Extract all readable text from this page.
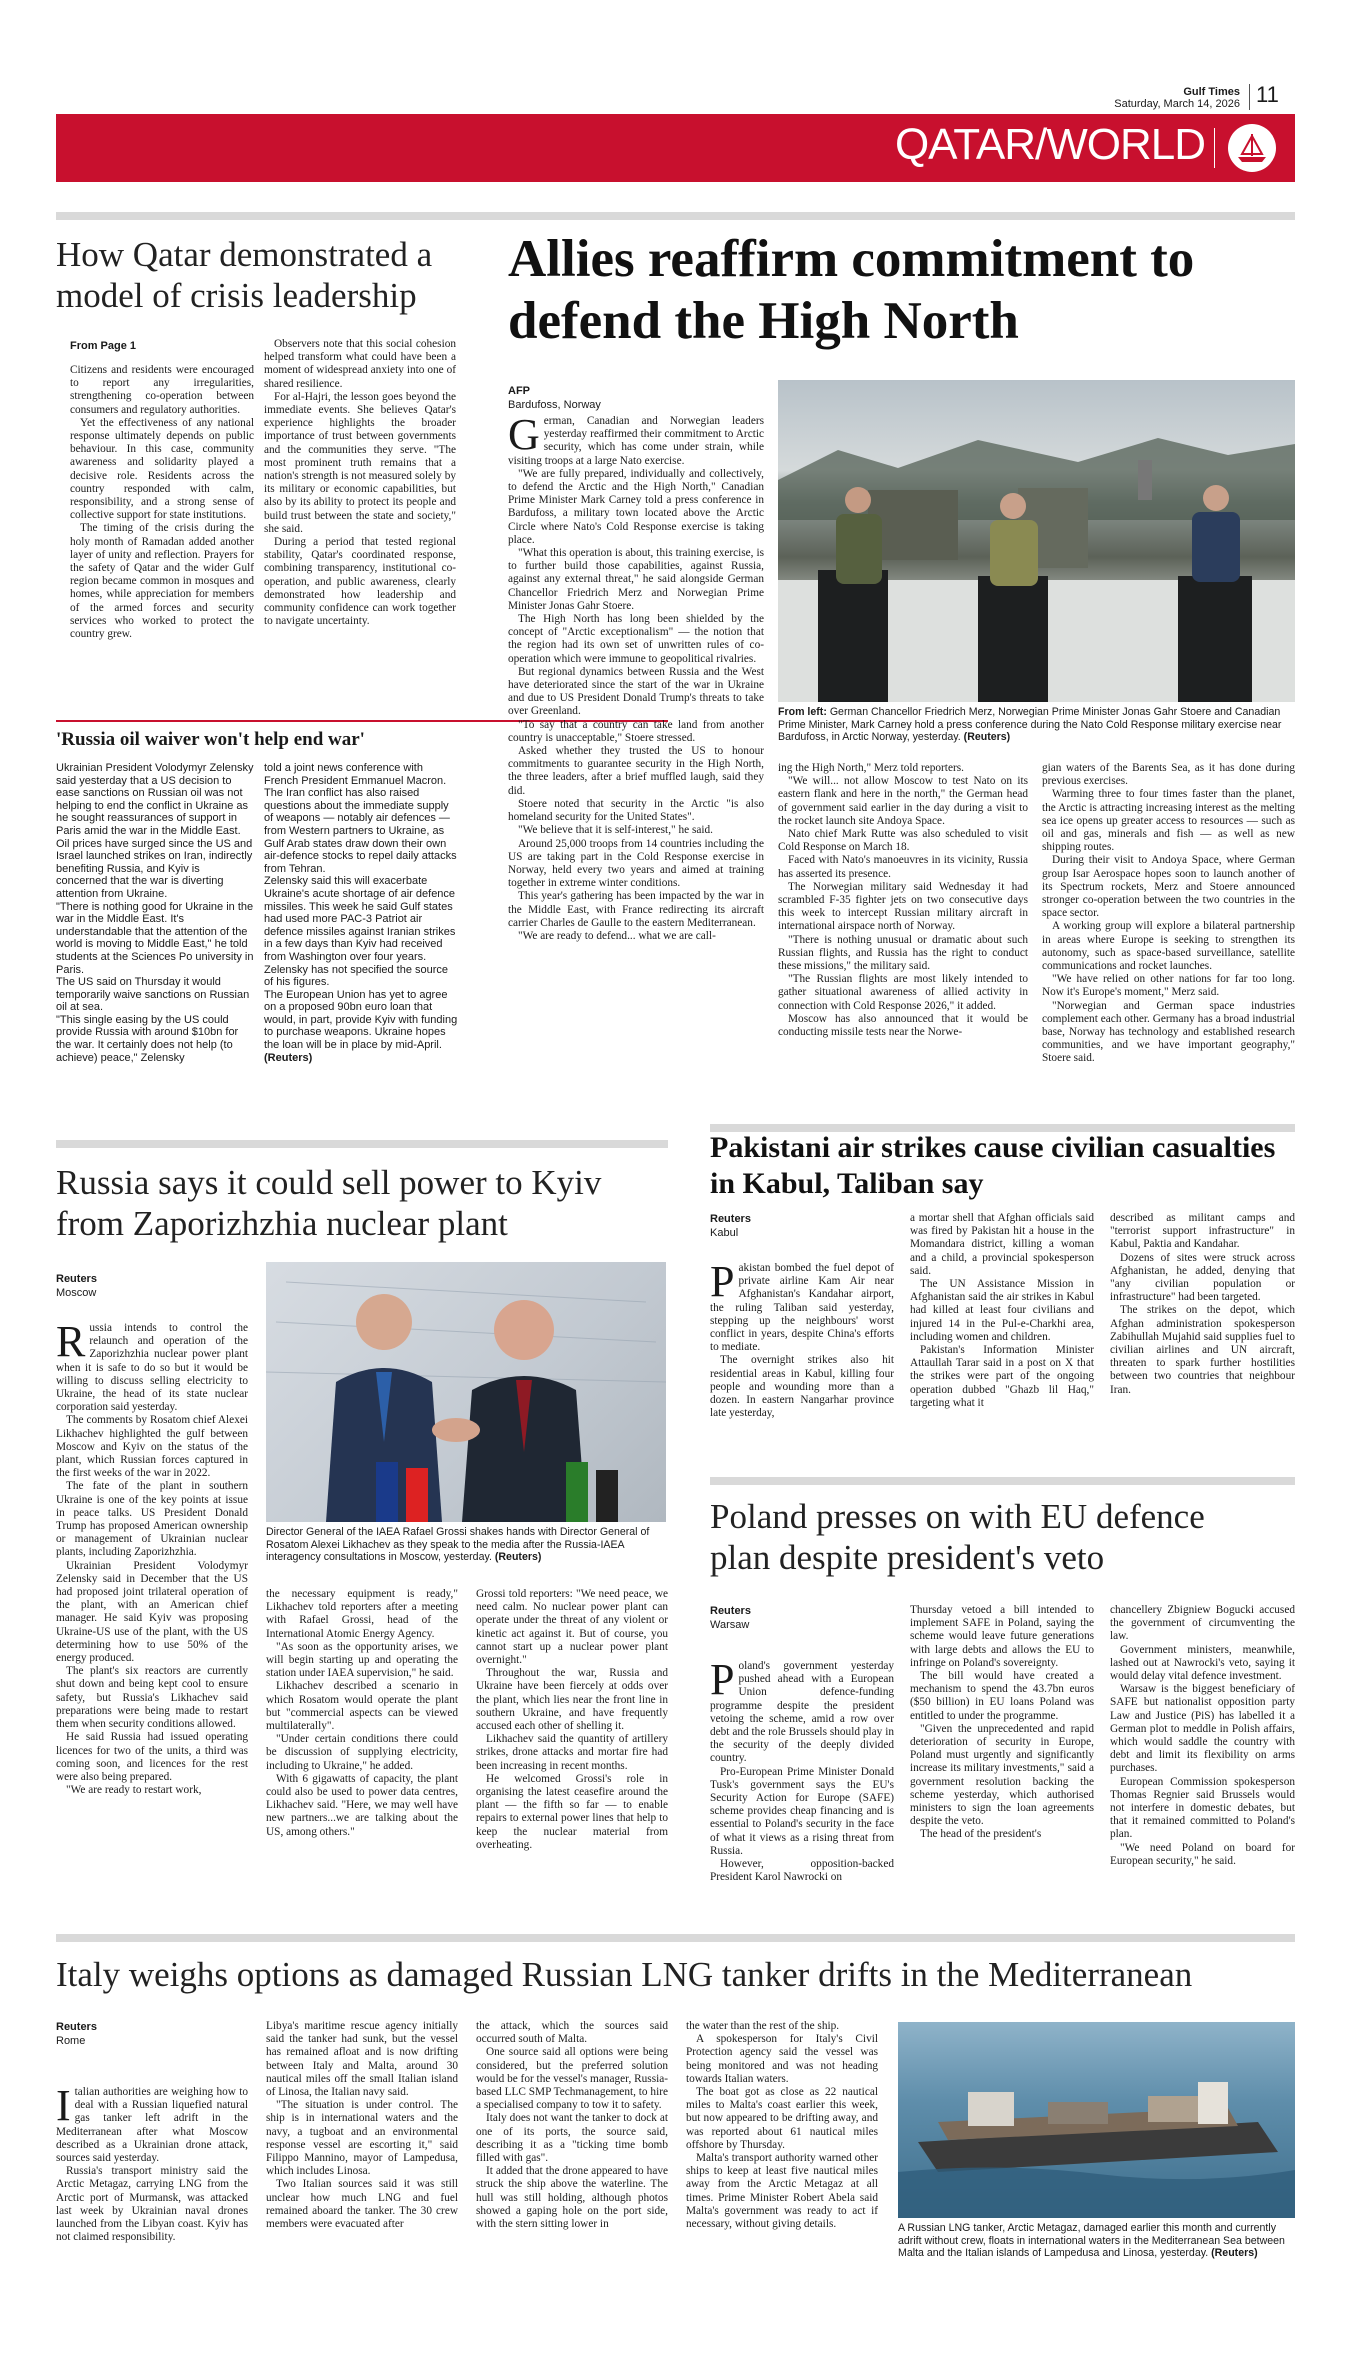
Gulf Times
Saturday, March 14, 2026 11
QATAR/WORLD
How Qatar demonstrated a model of crisis leadership
From Page 1

Citizens and residents were encouraged to report any irregularities, strengthening co-operation between consumers and regulatory authorities.

Yet the effectiveness of any national response ultimately depends on public behaviour. In this case, community awareness and solidarity played a decisive role. Residents across the country responded with calm, responsibility, and a strong sense of collective support for state institutions.

The timing of the crisis during the holy month of Ramadan added another layer of unity and reflection. Prayers for the safety of Qatar and the wider Gulf region became common in mosques and homes, while appreciation for members of the armed forces and security services who worked to protect the country grew.

Observers note that this social cohesion helped transform what could have been a moment of widespread anxiety into one of shared resilience.

For al-Hajri, the lesson goes beyond the immediate events. She believes Qatar's experience highlights the broader importance of trust between governments and the communities they serve. "The most prominent truth remains that a nation's strength is not measured solely by its military or economic capabilities, but also by its ability to protect its people and build trust between the state and society," she said.

During a period that tested regional stability, Qatar's coordinated response, combining transparency, institutional co-operation, and public awareness, clearly demonstrated how leadership and community confidence can work together to navigate uncertainty.

'Russia oil waiver won't help end war'
Ukrainian President Volodymyr Zelensky said yesterday that a US decision to ease sanctions on Russian oil was not helping to end the conflict in Ukraine as he sought reassurances of support in Paris amid the war in the Middle East.
Oil prices have surged since the US and Israel launched strikes on Iran, indirectly benefiting Russia, and Kyiv is concerned that the war is diverting attention from Ukraine.
"There is nothing good for Ukraine in the war in the Middle East. It's understandable that the attention of the world is moving to Middle East," he told students at the Sciences Po university in Paris.
The US said on Thursday it would temporarily waive sanctions on Russian oil at sea.
"This single easing by the US could provide Russia with around $10bn for the war. It certainly does not help (to achieve) peace," Zelensky
told a joint news conference with French President Emmanuel Macron. The Iran conflict has also raised questions about the immediate supply of weapons — notably air defences — from Western partners to Ukraine, as Gulf Arab states draw down their own air-defence stocks to repel daily attacks from Tehran.
Zelensky said this will exacerbate Ukraine's acute shortage of air defence missiles. This week he said Gulf states had used more PAC-3 Patriot air defence missiles against Iranian strikes in a few days than Kyiv had received from Washington over four years. Zelensky has not specified the source of his figures.
The European Union has yet to agree on a proposed 90bn euro loan that would, in part, provide Kyiv with funding to purchase weapons. Ukraine hopes the loan will be in place by mid-April. (Reuters)
Allies reaffirm commitment to defend the High North
AFP
Bardufoss, Norway
From left: German Chancellor Friedrich Merz, Norwegian Prime Minister Jonas Gahr Stoere and Canadian Prime Minister, Mark Carney hold a press conference during the Nato Cold Response military exercise near Bardufoss, in Arctic Norway, yesterday. (Reuters)

German, Canadian and Norwegian leaders yesterday reaffirmed their commitment to Arctic security, which has come under strain, while visiting troops at a large Nato exercise.

"We are fully prepared, individually and collectively, to defend the Arctic and the High North," Canadian Prime Minister Mark Carney told a press conference in Bardufoss, a military town located above the Arctic Circle where Nato's Cold Response exercise is taking place.

"What this operation is about, this training exercise, is to further build those capabilities, against Russia, against any external threat," he said alongside German Chancellor Friedrich Merz and Norwegian Prime Minister Jonas Gahr Stoere.

The High North has long been shielded by the concept of "Arctic exceptionalism" — the notion that the region had its own set of unwritten rules of co-operation which were immune to geopolitical rivalries.

But regional dynamics between Russia and the West have deteriorated since the start of the war in Ukraine and due to US President Donald Trump's threats to take over Greenland.

"To say that a country can take land from another country is unacceptable," Stoere stressed.

Asked whether they trusted the US to honour commitments to guarantee security in the High North, the three leaders, after a brief muffled laugh, said they did.

Stoere noted that security in the Arctic "is also homeland security for the United States".

"We believe that it is self-interest," he said.

Around 25,000 troops from 14 countries including the US are taking part in the Cold Response exercise in Norway, held every two years and aimed at training together in extreme winter conditions.

This year's gathering has been impacted by the war in the Middle East, with France redirecting its aircraft carrier Charles de Gaulle to the eastern Mediterranean.

"We are ready to defend... what we are call-

ing the High North," Merz told reporters.

"We will... not allow Moscow to test Nato on its eastern flank and here in the north," the German head of government said earlier in the day during a visit to the rocket launch site Andoya Space.

Nato chief Mark Rutte was also scheduled to visit Cold Response on March 18.

Faced with Nato's manoeuvres in its vicinity, Russia has asserted its presence.

The Norwegian military said Wednesday it had scrambled F-35 fighter jets on two consecutive days this week to intercept Russian military aircraft in international airspace north of Norway.

"There is nothing unusual or dramatic about such Russian flights, and Russia has the right to conduct these missions," the military said.

"The Russian flights are most likely intended to gather situational awareness of allied activity in connection with Cold Response 2026," it added.

Moscow has also announced that it would be conducting missile tests near the Norwe-

gian waters of the Barents Sea, as it has done during previous exercises.

Warming three to four times faster than the planet, the Arctic is attracting increasing interest as the melting sea ice opens up greater access to resources — such as oil and gas, minerals and fish — as well as new shipping routes.

During their visit to Andoya Space, where German group Isar Aerospace hopes soon to launch another of its Spectrum rockets, Merz and Stoere announced stronger co-operation between the two countries in the space sector.

A working group will explore a bilateral partnership in areas where Europe is seeking to strengthen its autonomy, such as space-based surveillance, satellite communications and rocket launches.

"We have relied on other nations for far too long. Now it's Europe's moment," Merz said.

"Norwegian and German space industries complement each other. Germany has a broad industrial base, Norway has technology and established research communities, and we have important geography," Stoere said.

Russia says it could sell power to Kyiv from Zaporizhzhia nuclear plant
Reuters
Moscow

Russia intends to control the relaunch and operation of the Zaporizhzhia nuclear power plant when it is safe to do so but it would be willing to discuss selling electricity to Ukraine, the head of its state nuclear corporation said yesterday.

The comments by Rosatom chief Alexei Likhachev highlighted the gulf between Moscow and Kyiv on the status of the plant, which Russian forces captured in the first weeks of the war in 2022.

The fate of the plant in southern Ukraine is one of the key points at issue in peace talks. US President Donald Trump has proposed American ownership or management of Ukrainian nuclear plants, including Zaporizhzhia.

Ukrainian President Volodymyr Zelensky said in December that the US had proposed joint trilateral operation of the plant, with an American chief manager. He said Kyiv was proposing Ukraine-US use of the plant, with the US determining how to use 50% of the energy produced.

The plant's six reactors are currently shut down and being kept cool to ensure safety, but Russia's Likhachev said preparations were being made to restart them when security conditions allowed.

He said Russia had issued operating licences for two of the units, a third was coming soon, and licences for the rest were also being prepared.

"We are ready to restart work,

Director General of the IAEA Rafael Grossi shakes hands with Director General of Rosatom Alexei Likhachev as they speak to the media after the Russia-IAEA interagency consultations in Moscow, yesterday. (Reuters)

the necessary equipment is ready," Likhachev told reporters after a meeting with Rafael Grossi, head of the International Atomic Energy Agency.

"As soon as the opportunity arises, we will begin starting up and operating the station under IAEA supervision," he said.

Likhachev described a scenario in which Rosatom would operate the plant but "commercial aspects can be viewed multilaterally".

"Under certain conditions there could be discussion of supplying electricity, including to Ukraine," he added.

With 6 gigawatts of capacity, the plant could also be used to power data centres, Likhachev said. "Here, we may well have new partners...we are talking about the US, among others."

Grossi told reporters: "We need peace, we need calm. No nuclear power plant can operate under the threat of any violent or kinetic act against it. But of course, you cannot start up a nuclear power plant overnight."

Throughout the war, Russia and Ukraine have been fiercely at odds over the plant, which lies near the front line in southern Ukraine, and have frequently accused each other of shelling it.

Likhachev said the quantity of artillery strikes, drone attacks and mortar fire had been increasing in recent months.

He welcomed Grossi's role in organising the latest ceasefire around the plant — the fifth so far — to enable repairs to external power lines that help to keep the nuclear material from overheating.

Pakistani air strikes cause civilian casualties in Kabul, Taliban say
Reuters
Kabul

Pakistan bombed the fuel depot of private airline Kam Air near Afghanistan's Kandahar airport, the ruling Taliban said yesterday, stepping up the neighbours' worst conflict in years, despite China's efforts to mediate.

The overnight strikes also hit residential areas in Kabul, killing four people and wounding more than a dozen. In eastern Nangarhar province late yesterday,

a mortar shell that Afghan officials said was fired by Pakistan hit a house in the Momandara district, killing a woman and a child, a provincial spokesperson said.

The UN Assistance Mission in Afghanistan said the air strikes in Kabul had killed at least four civilians and injured 14 in the Pul-e-Charkhi area, including women and children.

Pakistan's Information Minister Attaullah Tarar said in a post on X that the strikes were part of the ongoing operation dubbed "Ghazb lil Haq," targeting what it

described as militant camps and "terrorist support infrastructure" in Kabul, Paktia and Kandahar.

Dozens of sites were struck across Afghanistan, he added, denying that "any civilian population or infrastructure" had been targeted.

The strikes on the depot, which Afghan administration spokesperson Zabihullah Mujahid said supplies fuel to civilian airlines and UN aircraft, threaten to spark further hostilities between two countries that neighbour Iran.

Poland presses on with EU defence plan despite president's veto
Reuters
Warsaw

Poland's government yesterday pushed ahead with a European Union defence-funding programme despite the president vetoing the scheme, amid a row over debt and the role Brussels should play in the security of the deeply divided country.

Pro-European Prime Minister Donald Tusk's government says the EU's Security Action for Europe (SAFE) scheme provides cheap financing and is essential to Poland's security in the face of what it views as a rising threat from Russia.

However, opposition-backed President Karol Nawrocki on

Thursday vetoed a bill intended to implement SAFE in Poland, saying the scheme would leave future generations with large debts and allows the EU to infringe on Poland's sovereignty.

The bill would have created a mechanism to spend the 43.7bn euros ($50 billion) in EU loans Poland was entitled to under the programme.

"Given the unprecedented and rapid deterioration of security in Europe, Poland must urgently and significantly increase its military investments," said a government resolution backing the scheme yesterday, which authorised ministers to sign the loan agreements despite the veto.

The head of the president's

chancellery Zbigniew Bogucki accused the government of circumventing the law.

Government ministers, meanwhile, lashed out at Nawrocki's veto, saying it would delay vital defence investment.

Warsaw is the biggest beneficiary of SAFE but nationalist opposition party Law and Justice (PiS) has labelled it a German plot to meddle in Polish affairs, which would saddle the country with debt and limit its flexibility on arms purchases.

European Commission spokesperson Thomas Regnier said Brussels would not interfere in domestic debates, but that it remained committed to Poland's plan.

"We need Poland on board for European security," he said.

Italy weighs options as damaged Russian LNG tanker drifts in the Mediterranean
Reuters
Rome

Italian authorities are weighing how to deal with a Russian liquefied natural gas tanker left adrift in the Mediterranean after what Moscow described as a Ukrainian drone attack, sources said yesterday.

Russia's transport ministry said the Arctic Metagaz, carrying LNG from the Arctic port of Murmansk, was attacked last week by Ukrainian naval drones launched from the Libyan coast. Kyiv has not claimed responsibility.

Libya's maritime rescue agency initially said the tanker had sunk, but the vessel has remained afloat and is now drifting between Italy and Malta, around 30 nautical miles off the small Italian island of Linosa, the Italian navy said.

"The situation is under control. The ship is in international waters and the navy, a tugboat and an environmental response vessel are escorting it," said Filippo Mannino, mayor of Lampedusa, which includes Linosa.

Two Italian sources said it was still unclear how much LNG and fuel remained aboard the tanker. The 30 crew members were evacuated after

the attack, which the sources said occurred south of Malta.

One source said all options were being considered, but the preferred solution would be for the vessel's manager, Russia-based LLC SMP Techmanagement, to hire a specialised company to tow it to safety.

Italy does not want the tanker to dock at one of its ports, the source said, describing it as a "ticking time bomb filled with gas".

It added that the drone appeared to have struck the ship above the waterline. The hull was still holding, although photos showed a gaping hole on the port side, with the stern sitting lower in

the water than the rest of the ship.

A spokesperson for Italy's Civil Protection agency said the vessel was being monitored and was not heading towards Italian waters.

The boat got as close as 22 nautical miles to Malta's coast earlier this week, but now appeared to be drifting away, and was reported about 61 nautical miles offshore by Thursday.

Malta's transport authority warned other ships to keep at least five nautical miles away from the Arctic Metagaz at all times. Prime Minister Robert Abela said Malta's government was ready to act if necessary, without giving details.	A Russian LNG tanker, Arctic Metagaz, damaged earlier this month and currently adrift without crew, floats in international waters in the Mediterranean Sea between Malta and the Italian islands of Lampedusa and Linosa, yesterday. (Reuters)
